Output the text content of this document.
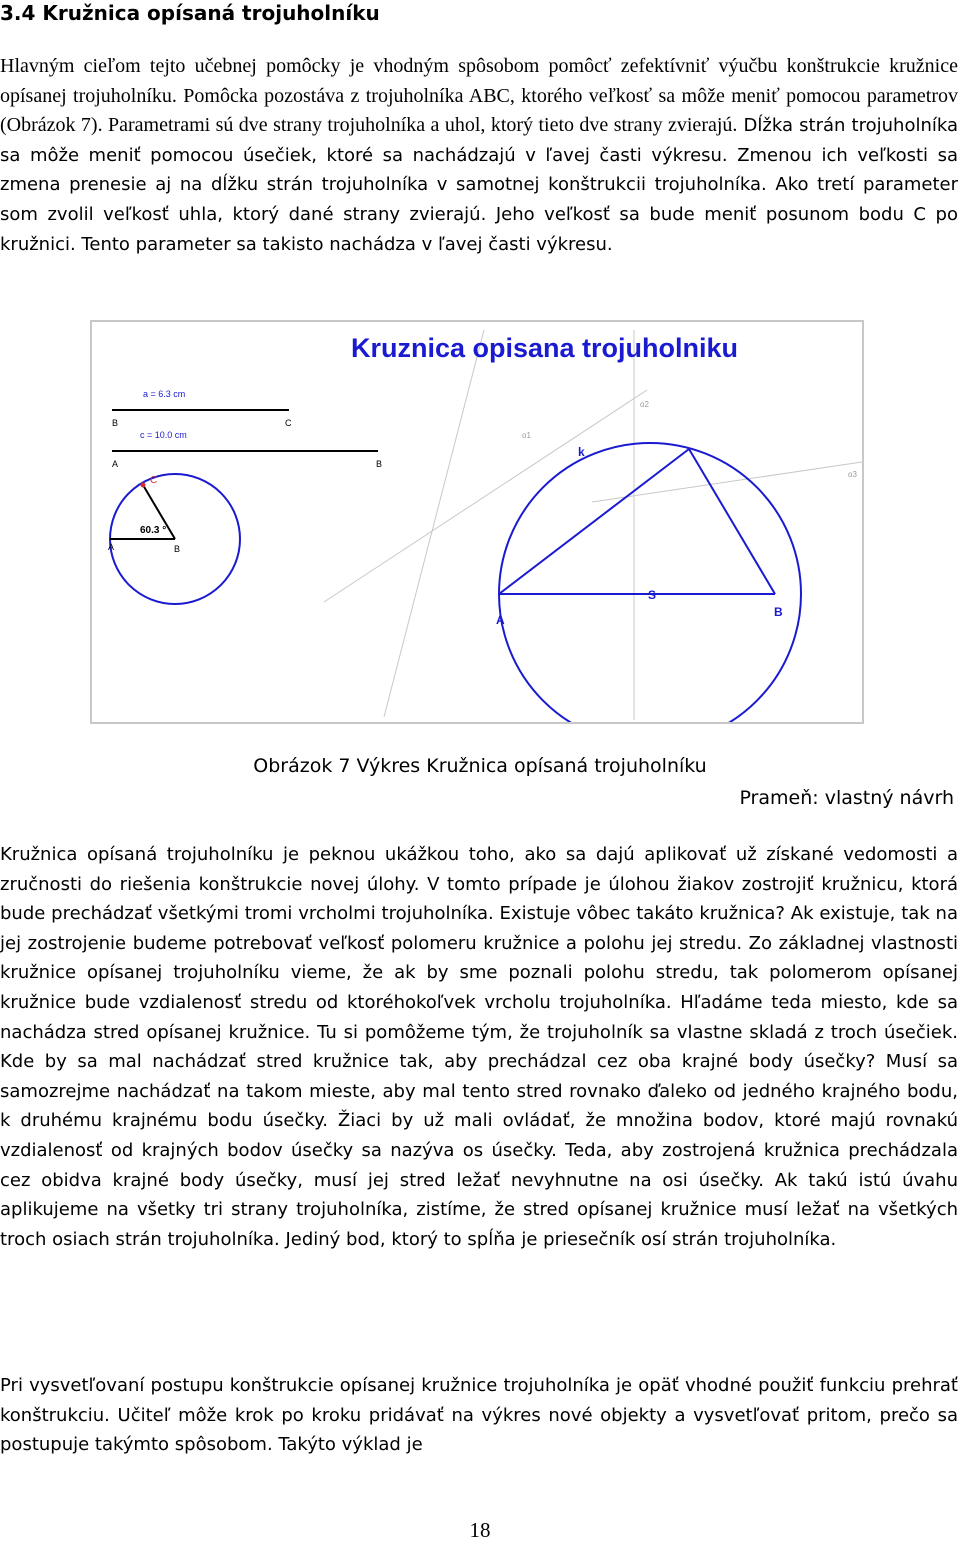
3.4 Kružnica opísaná trojuholníku
Hlavným cieľom tejto učebnej pomôcky je vhodným spôsobom pomôcť zefektívniť výučbu konštrukcie kružnice opísanej trojuholníku. Pomôcka pozostáva z trojuholníka ABC, ktorého veľkosť sa môže meniť pomocou parametrov (Obrázok 7). Parametrami sú dve strany trojuholníka a uhol, ktorý tieto dve strany zvierajú. Dĺžka strán trojuholníka sa môže meniť pomocou úsečiek, ktoré sa nachádzajú v ľavej časti výkresu. Zmenou ich veľkosti sa zmena prenesie aj na dĺžku strán trojuholníka v samotnej konštrukcii trojuholníka. Ako tretí parameter som zvolil veľkosť uhla, ktorý dané strany zvierajú. Jeho veľkosť sa bude meniť posunom bodu C po kružnici. Tento parameter sa takisto nachádza v ľavej časti výkresu.
Kruznica opisana trojuholniku
a = 6.3 cm
B	C
c = 10.0 cm
A	B
C
60.3 °
A	B
k
S
A
B
o1
o2
o3
Obrázok 7 Výkres Kružnica opísaná trojuholníku
Prameň: vlastný návrh
Kružnica opísaná trojuholníku je peknou ukážkou toho, ako sa dajú aplikovať už získané vedomosti a zručnosti do riešenia konštrukcie novej úlohy. V tomto prípade je úlohou žiakov zostrojiť kružnicu, ktorá bude prechádzať všetkými tromi vrcholmi trojuholníka. Existuje vôbec takáto kružnica? Ak existuje, tak na jej zostrojenie budeme potrebovať veľkosť polomeru kružnice a polohu jej stredu. Zo základnej vlastnosti kružnice opísanej trojuholníku vieme, že ak by sme poznali polohu stredu, tak polomerom opísanej kružnice bude vzdialenosť stredu od ktoréhokoľvek vrcholu trojuholníka. Hľadáme teda miesto, kde sa nachádza stred opísanej kružnice. Tu si pomôžeme tým, že trojuholník sa vlastne skladá z troch úsečiek. Kde by sa mal nachádzať stred kružnice tak, aby prechádzal cez oba krajné body úsečky? Musí sa samozrejme nachádzať na takom mieste, aby mal tento stred rovnako ďaleko od jedného krajného bodu, k druhému krajnému bodu úsečky. Žiaci by už mali ovládať, že množina bodov, ktoré majú rovnakú vzdialenosť od krajných bodov úsečky sa nazýva os úsečky. Teda, aby zostrojená kružnica prechádzala cez obidva krajné body úsečky, musí jej stred ležať nevyhnutne na osi úsečky. Ak takú istú úvahu aplikujeme na všetky tri strany trojuholníka, zistíme, že stred opísanej kružnice musí ležať na všetkých troch osiach strán trojuholníka. Jediný bod, ktorý to spĺňa je priesečník osí strán trojuholníka.
Pri vysvetľovaní postupu konštrukcie opísanej kružnice trojuholníka je opäť vhodné použiť funkciu prehrať konštrukciu. Učiteľ môže krok po kroku pridávať na výkres nové objekty a vysvetľovať pritom, prečo sa postupuje takýmto spôsobom. Takýto výklad je
18
